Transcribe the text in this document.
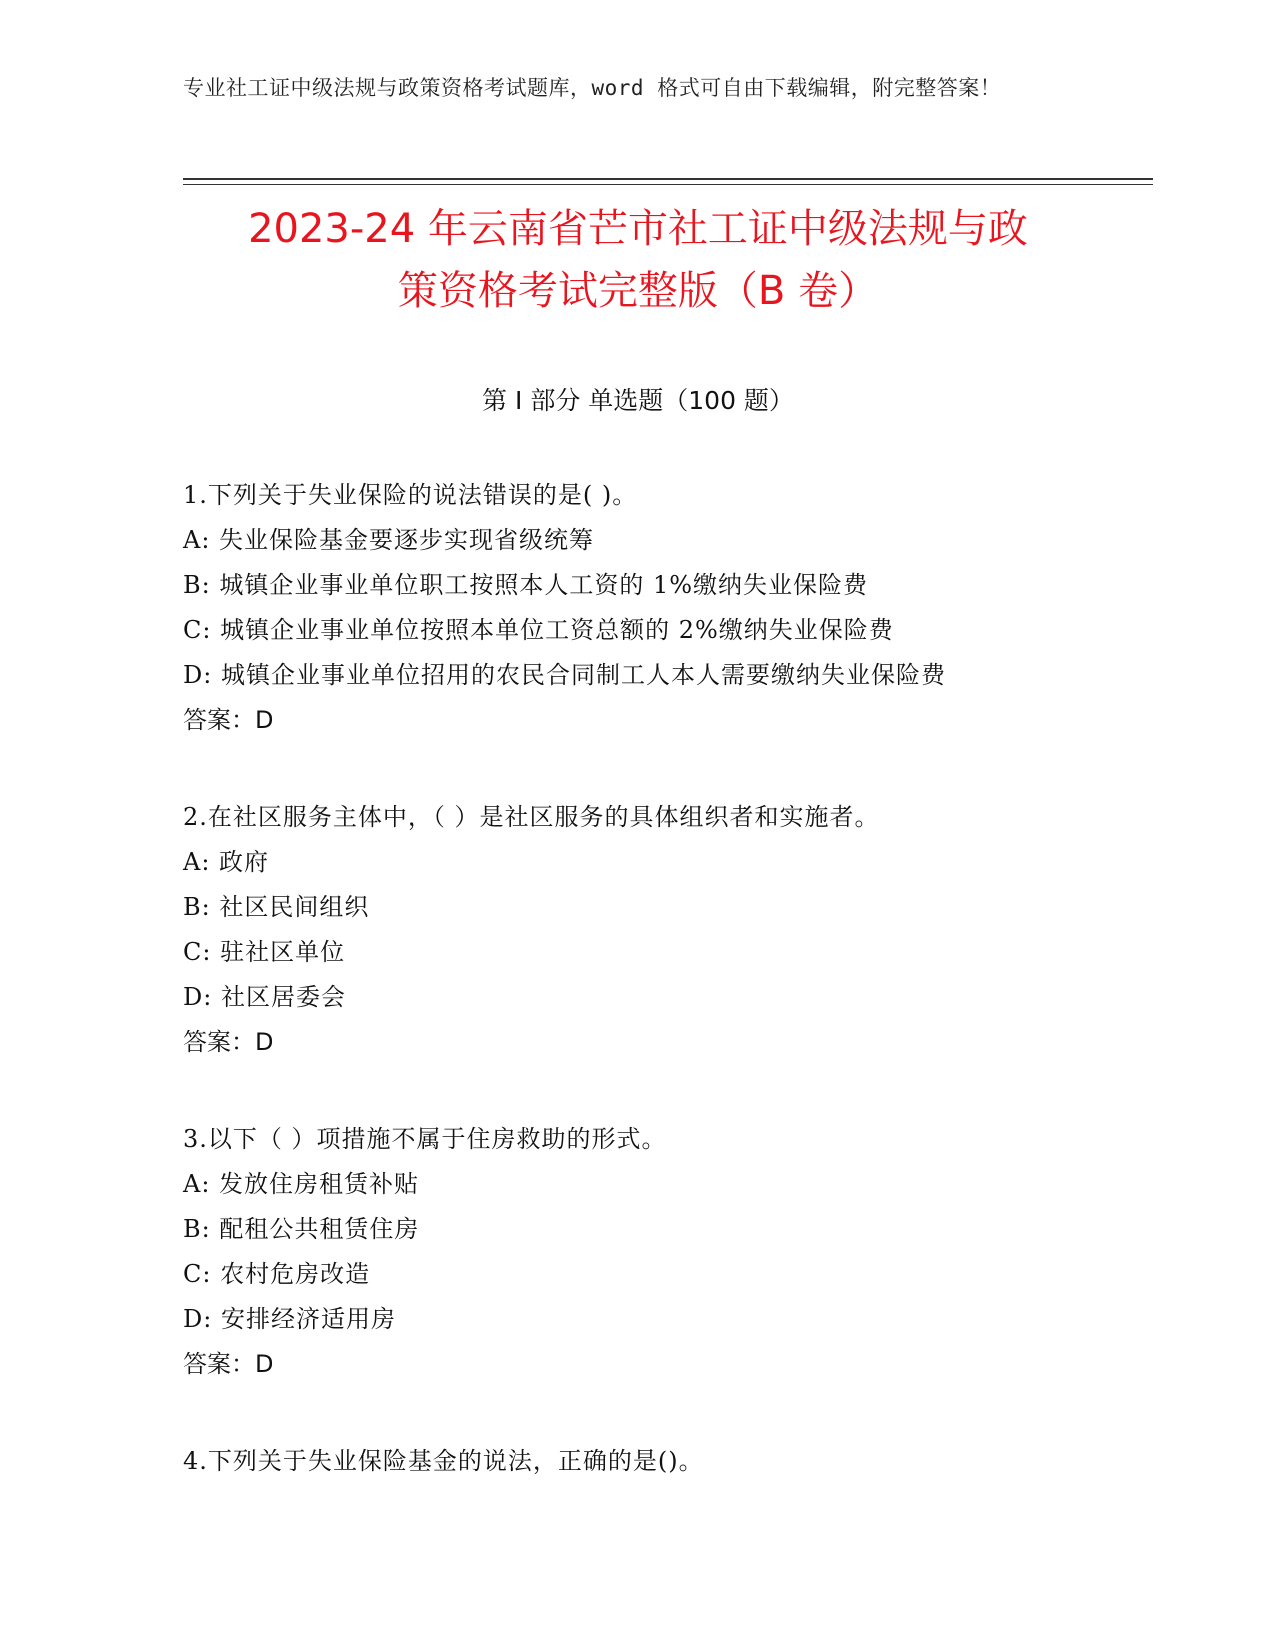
专业社工证中级法规与政策资格考试题库，word 格式可自由下载编辑，附完整答案！
2023-24 年云南省芒市社工证中级法规与政
策资格考试完整版（B 卷）
第 I 部分 单选题（100 题）
1.下列关于失业保险的说法错误的是( )。
A: 失业保险基金要逐步实现省级统筹
B: 城镇企业事业单位职工按照本人工资的 1%缴纳失业保险费
C: 城镇企业事业单位按照本单位工资总额的 2%缴纳失业保险费
D: 城镇企业事业单位招用的农民合同制工人本人需要缴纳失业保险费
答案：D
2.在社区服务主体中，（ ）是社区服务的具体组织者和实施者。
A: 政府
B: 社区民间组织
C: 驻社区单位
D: 社区居委会
答案：D
3.以下（ ）项措施不属于住房救助的形式。
A: 发放住房租赁补贴
B: 配租公共租赁住房
C: 农村危房改造
D: 安排经济适用房
答案：D
4.下列关于失业保险基金的说法，正确的是()。
